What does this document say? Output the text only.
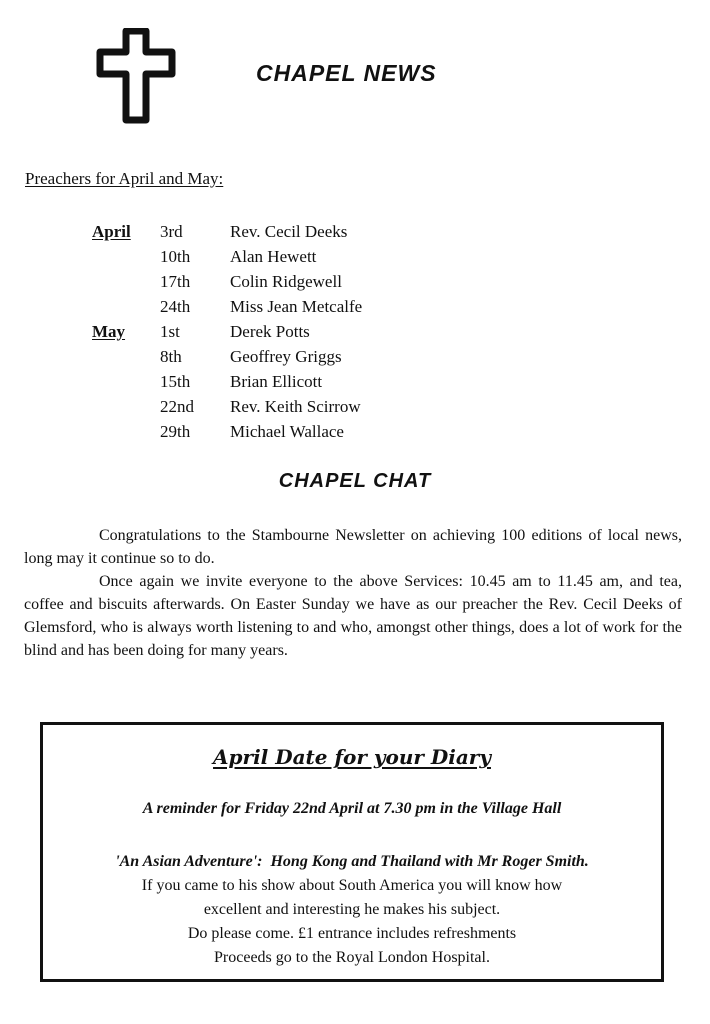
CHAPEL NEWS

Preachers for April and May:

April	3rd	Rev. Cecil Deeks
	10th	Alan Hewett
	17th	Colin Ridgewell
	24th	Miss Jean Metcalfe
May	1st	Derek Potts
	8th	Geoffrey Griggs
	15th	Brian Ellicott
	22nd	Rev. Keith Scirrow
	29th	Michael Wallace
CHAPEL CHAT

Congratulations to the Stambourne Newsletter on achieving 100 editions of local news, long may it continue so to do.

Once again we invite everyone to the above Services: 10.45 am to 11.45 am, and tea, coffee and biscuits afterwards. On Easter Sunday we have as our preacher the Rev. Cecil Deeks of Glemsford, who is always worth listening to and who, amongst other things, does a lot of work for the blind and has been doing for many years.

April Date for your Diary

A reminder for Friday 22nd April at 7.30 pm in the Village Hall

'An Asian Adventure': Hong Kong and Thailand with Mr Roger Smith.
If you came to his show about South America you will know how
excellent and interesting he makes his subject.
Do please come. £1 entrance includes refreshments
Proceeds go to the Royal London Hospital.
